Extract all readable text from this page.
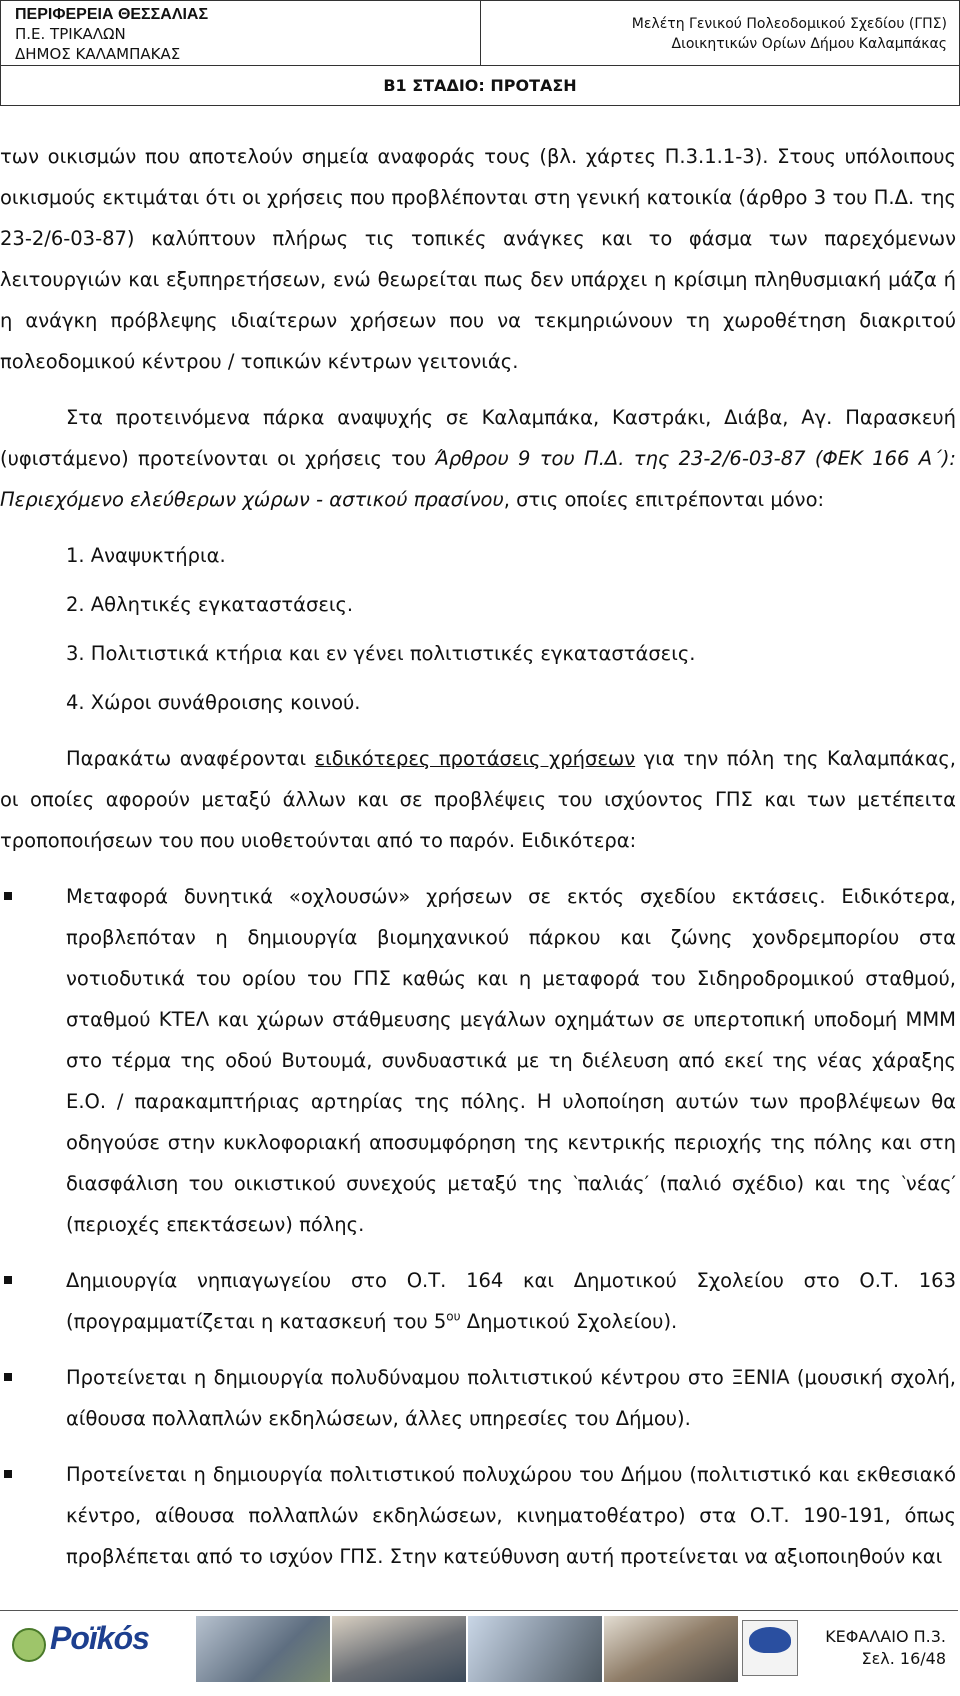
ΠΕΡΙΦΕΡΕΙΑ ΘΕΣΣΑΛΙΑΣ
Π.Ε. ΤΡΙΚΑΛΩΝ
ΔΗΜΟΣ ΚΑΛΑΜΠΑΚΑΣ
Μελέτη Γενικού Πολεοδομικού Σχεδίου (ΓΠΣ)
Διοικητικών Ορίων Δήμου Καλαμπάκας
Β1 ΣΤΑΔΙΟ: ΠΡΟΤΑΣΗ

των οικισμών που αποτελούν σημεία αναφοράς τους (βλ. χάρτες Π.3.1.1-3). Στους υπόλοιπους οικισμούς εκτιμάται ότι οι χρήσεις που προβλέπονται στη γενική κατοικία (άρθρο 3 του Π.Δ. της 23-2/6-03-87) καλύπτουν πλήρως τις τοπικές ανάγκες και το φάσμα των παρεχόμενων λειτουργιών και εξυπηρετήσεων, ενώ θεωρείται πως δεν υπάρχει η κρίσιμη πληθυσμιακή μάζα ή η ανάγκη πρόβλεψης ιδιαίτερων χρήσεων που να τεκμηριώνουν τη χωροθέτηση διακριτού πολεοδομικού κέντρου / τοπικών κέντρων γειτονιάς.

Στα προτεινόμενα πάρκα αναψυχής σε Καλαμπάκα, Καστράκι, Διάβα, Αγ. Παρασκευή (υφιστάμενο) προτείνονται οι χρήσεις του Άρθρου 9 του Π.Δ. της 23-2/6-03-87 (ΦΕΚ 166 Α΄): Περιεχόμενο ελεύθερων χώρων - αστικού πρασίνου, στις οποίες επιτρέπονται μόνο:

1. Αναψυκτήρια.
2. Αθλητικές εγκαταστάσεις.
3. Πολιτιστικά κτήρια και εν γένει πολιτιστικές εγκαταστάσεις.
4. Χώροι συνάθροισης κοινού.

Παρακάτω αναφέρονται ειδικότερες προτάσεις χρήσεων για την πόλη της Καλαμπάκας, οι οποίες αφορούν μεταξύ άλλων και σε προβλέψεις του ισχύοντος ΓΠΣ και των μετέπειτα τροποποιήσεων του που υιοθετούνται από το παρόν. Ειδικότερα:

Μεταφορά δυνητικά «οχλουσών» χρήσεων σε εκτός σχεδίου εκτάσεις. Ειδικότερα, προβλεπόταν η δημιουργία βιομηχανικού πάρκου και ζώνης χονδρεμπορίου στα νοτιοδυτικά του ορίου του ΓΠΣ καθώς και η μεταφορά του Σιδηροδρομικού σταθμού, σταθμού ΚΤΕΛ και χώρων στάθμευσης μεγάλων οχημάτων σε υπερτοπική υποδομή ΜΜΜ στο τέρμα της οδού Βυτουμά, συνδυαστικά με τη διέλευση από εκεί της νέας χάραξης Ε.Ο. / παρακαμπτήριας αρτηρίας της πόλης. Η υλοποίηση αυτών των προβλέψεων θα οδηγούσε στην κυκλοφοριακή αποσυμφόρηση της κεντρικής περιοχής της πόλης και στη διασφάλιση του οικιστικού συνεχούς μεταξύ της ‵παλιάς′ (παλιό σχέδιο) και της ‵νέας′ (περιοχές επεκτάσεων) πόλης.
Δημιουργία νηπιαγωγείου στο Ο.Τ. 164 και Δημοτικού Σχολείου στο Ο.Τ. 163 (προγραμματίζεται η κατασκευή του $5^{o\upsilon}$ Δημοτικού Σχολείου).
Προτείνεται η δημιουργία πολυδύναμου πολιτιστικού κέντρου στο ΞΕΝΙΑ (μουσική σχολή, αίθουσα πολλαπλών εκδηλώσεων, άλλες υπηρεσίες του Δήμου).
Προτείνεται η δημιουργία πολιτιστικού πολυχώρου του Δήμου (πολιτιστικό και εκθεσιακό κέντρο, αίθουσα πολλαπλών εκδηλώσεων, κινηματοθέατρο) στα Ο.Τ. 190-191, όπως προβλέπεται από το ισχύον ΓΠΣ. Στην κατεύθυνση αυτή προτείνεται να αξιοποιηθούν και
Poïkós	ΚΕΦΑΛΑΙΟ Π.3.
Σελ. 16/48
